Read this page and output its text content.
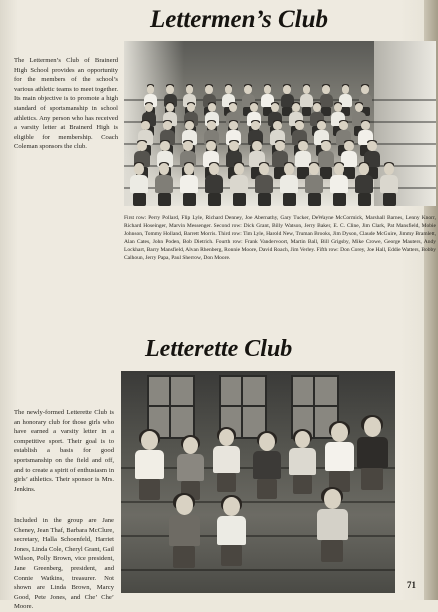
Lettermen’s Club

The Lettermen’s Club of Brainerd High School provides an opportunity for the members of the school’s various athletic teams to meet together. Its main objective is to promote a high standard of sportsmanship in school athletics. Any person who has received a varsity letter at Brainerd High is eligible for membership. Coach Coleman sponsors the club.

First row: Perry Pollard, Flip Lyle, Richard Denney, Joe Abernathy, Gary Tucker, DeWayne McCormick, Marshall Barnes, Lenny Knorr, Richard Hoseinger, Marvin Messenger. Second row: Dick Grant, Billy Watson, Jerry Baker, E. C. Cline, Jim Clark, Pat Mansfield, Mobie Johnson, Tommy Holland, Barrett Morris. Third row: Tim Lyle, Harold New, Truman Brooks, Jim Dyson, Claude McGuire, Jimmy Bramlett, Alan Cates, John Poden, Bob Dietrich. Fourth row: Frank Vandervoort, Martin Ball, Bill Grigsby, Mike Crowe, George Mauters, Andy Lockhart, Barry Mansfield, Alvan Rhenberg, Ronnie Moore, David Roach, Jim Verley. Fifth row: Don Corey, Joe Hall, Eddie Watters, Bobby Calhoun, Jerry Papa, Paul Sherrow, Don Moore.

Letterette Club

The newly-formed Letterette Club is an honorary club for those girls who have earned a varsity letter in a competitive sport. Their goal is to establish a basis for good sportsmanship on the field and off, and to create a spirit of enthusiasm in girls’ athletics. Their sponsor is Mrs. Jenkins.

Included in the group are Jane Cheney, Jean Thaf, Barbara McClure, secretary, Halla Schoenfeld, Harriet Jones, Linda Cole, Cheryl Grant, Gail Wilson, Polly Brown, vice president, Jane Greenberg, president, and Connie Watkins, treasurer. Not shown are Linda Brown, Marcy Good, Pete Jones, and Che’ Che’ Moore.

71
